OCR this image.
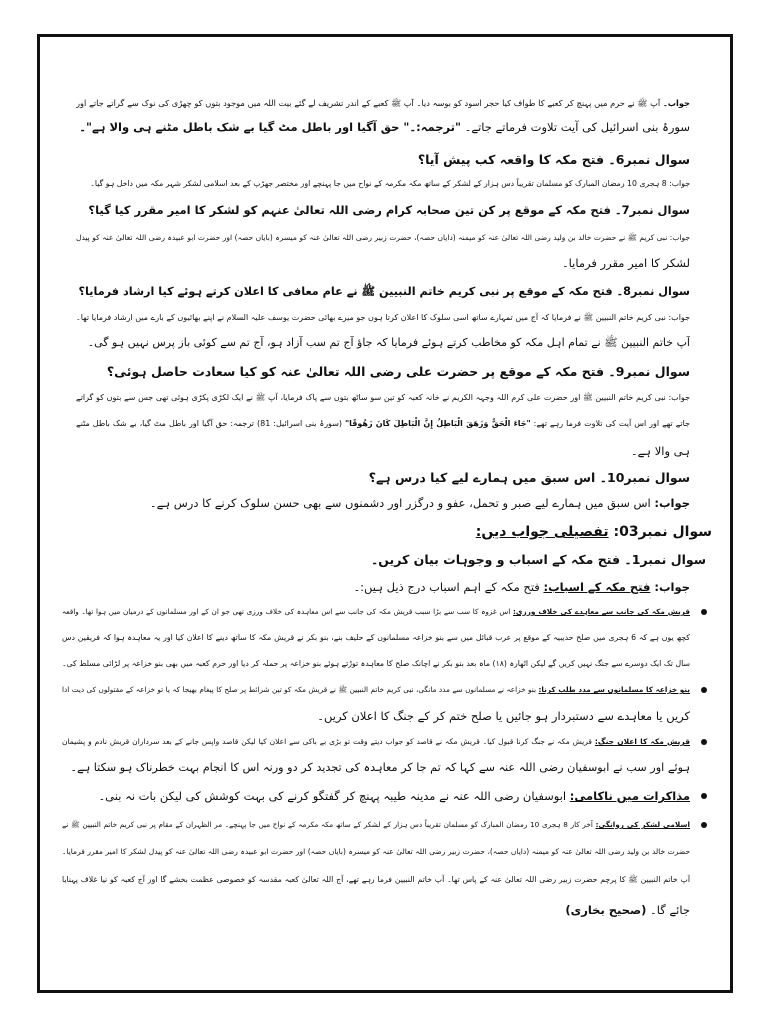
جواب۔ آپ ﷺ نے حرم میں پہنچ کر کعبے کا طواف کیا حجر اسود کو بوسہ دیا۔ آپ ﷺ کعبے کے اندر تشریف لے گئے بیت اللہ میں موجود بتوں کو چھڑی کی نوک سے گراتے جاتے اور
سورۂ بنی اسرائیل کی آیت تلاوت فرماتے جاتے۔ "ترجمہ:۔" حق آگیا اور باطل مٹ گیا بے شک باطل مٹنے ہی والا ہے"۔
سوال نمبر6۔ فتح مکہ کا واقعہ کب پیش آیا؟
جواب: 8 ہجری 10 رمضان المبارک کو مسلمان تقریباً دس ہزار کے لشکر کے ساتھ مکہ مکرمہ کے نواح میں جا پہنچے اور مختصر جھڑپ کے بعد اسلامی لشکر شہر مکہ میں داخل ہو گیا۔
سوال نمبر7۔ فتح مکہ کے موقع پر کن تین صحابہ کرام رضی اللہ تعالیٰ عنہم کو لشکر کا امیر مقرر کیا گیا؟
جواب: نبی کریم ﷺ نے حضرت خالد بن ولید رضی اللہ تعالیٰ عنہ کو میمنہ (دایاں حصہ)، حضرت زبیر رضی اللہ تعالیٰ عنہ کو میسرہ (بایاں حصہ) اور حضرت ابو عبیدہ رضی اللہ تعالیٰ عنہ کو پیدل
لشکر کا امیر مقرر فرمایا۔
سوال نمبر8۔ فتح مکہ کے موقع پر نبی کریم خاتم النبیین ﷺ نے عام معافی کا اعلان کرتے ہوئے کیا ارشاد فرمایا؟
جواب: نبی کریم خاتم النبیین ﷺ نے فرمایا کہ آج میں تمہارے ساتھ اسی سلوک کا اعلان کرتا ہوں جو میرے بھائی حضرت یوسف علیہ السلام نے اپنے بھائیوں کے بارے میں ارشاد فرمایا تھا۔
آپ خاتم النبیین ﷺ نے تمام اہل مکہ کو مخاطب کرتے ہوئے فرمایا کہ جاؤ آج تم سب آزاد ہو، آج تم سے کوئی باز پرس نہیں ہو گی۔
سوال نمبر9۔ فتح مکہ کے موقع پر حضرت علی رضی اللہ تعالیٰ عنہ کو کیا سعادت حاصل ہوئی؟
جواب: نبی کریم خاتم النبیین ﷺ اور حضرت علی کرم اللہ وجہہ الکریم نے خانہ کعبہ کو تین سو ساٹھ بتوں سے پاک فرمایا، آپ ﷺ نے ایک لکڑی پکڑی ہوئی تھی جس سے بتوں کو گراتے
جاتے تھے اور اس آیت کی تلاوت فرما رہے تھے: "جَاءَ الْحَقُّ وَزَهَقَ الْبَاطِلُ إِنَّ الْبَاطِلَ كَانَ زَهُوقًا" (سورۂ بنی اسرائیل: 81) ترجمہ: حق آگیا اور باطل مٹ گیا، بے شک باطل مٹنے
ہی والا ہے۔
سوال نمبر10۔ اس سبق میں ہمارے لیے کیا درس ہے؟
جواب: اس سبق میں ہمارے لیے صبر و تحمل، عفو و درگزر اور دشمنوں سے بھی حسن سلوک کرنے کا درس ہے۔
سوال نمبر03: تفصیلی جواب دیں:
سوال نمبر1۔ فتح مکہ کے اسباب و وجوہات بیان کریں۔
جواب: فتح مکہ کے اسباب: فتح مکہ کے اہم اسباب درج ذیل ہیں:۔
قریش مکہ کی جانب سے معاہدے کی خلاف ورزی: اس غزوہ کا سب سے بڑا سبب قریش مکہ کی جانب سے اس معاہدہ کی خلاف ورزی تھی جو ان کے اور مسلمانوں کے درمیان میں ہوا تھا۔ واقعہ
کچھ یوں ہے کہ 6 ہجری میں صلح حدیبیہ کے موقع پر عرب قبائل میں سے بنو خزاعہ مسلمانوں کے حلیف بنے، بنو بکر نے قریش مکہ کا ساتھ دینے کا اعلان کیا اور یہ معاہدہ ہوا کہ فریقین دس
سال تک ایک دوسرے سے جنگ نہیں کریں گے لیکن اٹھارہ (۱۸) ماہ بعد بنو بکر نے اچانک صلح کا معاہدہ توڑتے ہوئے بنو خزاعہ پر حملہ کر دیا اور حرم کعبہ میں بھی بنو خزاعہ پر لڑائی مسلط کی۔
بنو خزاعہ کا مسلمانوں سے مدد طلب کرنا: بنو خزاعہ نے مسلمانوں سے مدد مانگی، نبی کریم خاتم النبیین ﷺ نے قریش مکہ کو تین شرائط پر صلح کا پیغام بھیجا کہ یا تو خزاعہ کے مقتولوں کی دیت ادا
کریں یا معاہدے سے دستبردار ہو جائیں یا صلح ختم کر کے جنگ کا اعلان کریں۔
قریش مکہ کا اعلان جنگ: قریش مکہ نے جنگ کرنا قبول کیا۔ قریش مکہ نے قاصد کو جواب دیتے وقت تو بڑی بے باکی سے اعلان کیا لیکن قاصد واپس جانے کے بعد سرداران قریش نادم و پشیمان
ہوئے اور سب نے ابوسفیان رضی اللہ عنہ سے کہا کہ تم جا کر معاہدہ کی تجدید کر دو ورنہ اس کا انجام بہت خطرناک ہو سکتا ہے۔
مذاکرات میں ناکامی: ابوسفیان رضی اللہ عنہ نے مدینہ طیبہ پہنچ کر گفتگو کرنے کی بہت کوشش کی لیکن بات نہ بنی۔
اسلامی لشکر کی روانگی: آخر کار 8 ہجری 10 رمضان المبارک کو مسلمان تقریباً دس ہزار کے لشکر کے ساتھ مکہ مکرمہ کے نواح میں جا پہنچے۔ مر الظہران کے مقام پر نبی کریم خاتم النبیین ﷺ نے
حضرت خالد بن ولید رضی اللہ تعالیٰ عنہ کو میمنہ (دایاں حصہ)، حضرت زبیر رضی اللہ تعالیٰ عنہ کو میسرہ (بایاں حصہ) اور حضرت ابو عبیدہ رضی اللہ تعالیٰ عنہ کو پیدل لشکر کا امیر مقرر فرمایا۔
آپ خاتم النبیین ﷺ کا پرچم حضرت زبیر رضی اللہ تعالیٰ عنہ کے پاس تھا۔ آپ خاتم النبیین فرما رہے تھے، آج اللہ تعالیٰ کعبہ مقدسہ کو خصوصی عظمت بخشے گا اور آج کعبہ کو نیا غلاف پہنایا
جائے گا۔ (صحیح بخاری)
